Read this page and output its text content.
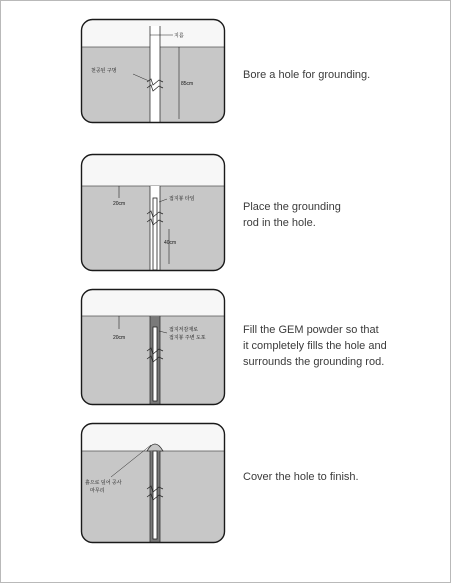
지름
천공된 구멍
85cm
Bore a hole for grounding.
20cm
접지봉 타임
40cm
Place the grounding
rod in the hole.
20cm
접지저감재로
접지봉 주변 도포
Fill the GEM powder so that
it completely fills the hole and
surrounds the grounding rod.
흙으로 덮어 공사
마무리
Cover the hole to finish.
